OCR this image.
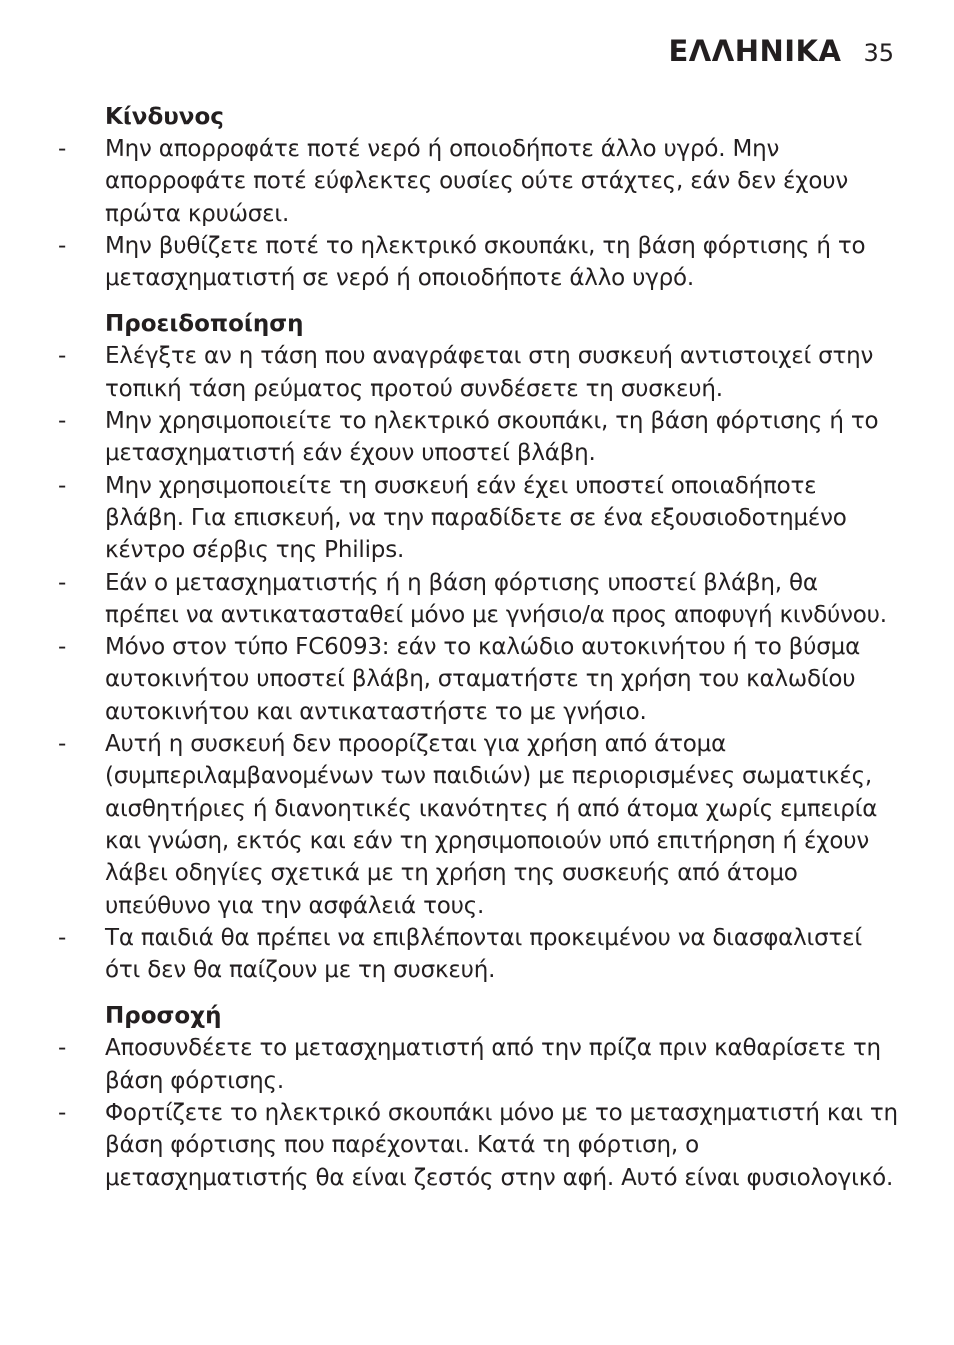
ΕΛΛΗΝΙΚΑ 35
Κίνδυνος
- Μην απορροφάτε ποτέ νερό ή οποιοδήποτε άλλο υγρό. Μην απορροφάτε ποτέ εύφλεκτες ουσίες ούτε στάχτες, εάν δεν έχουν πρώτα κρυώσει.
- Μην βυθίζετε ποτέ το ηλεκτρικό σκουπάκι, τη βάση φόρτισης ή το μετασχηματιστή σε νερό ή οποιοδήποτε άλλο υγρό.
Προειδοποίηση
- Ελέγξτε αν η τάση που αναγράφεται στη συσκευή αντιστοιχεί στην τοπική τάση ρεύματος προτού συνδέσετε τη συσκευή.
- Μην χρησιμοποιείτε το ηλεκτρικό σκουπάκι, τη βάση φόρτισης ή το μετασχηματιστή εάν έχουν υποστεί βλάβη.
- Μην χρησιμοποιείτε τη συσκευή εάν έχει υποστεί οποιαδήποτε βλάβη. Για επισκευή, να την παραδίδετε σε ένα εξουσιοδοτημένο κέντρο σέρβις της Philips.
- Εάν ο μετασχηματιστής ή η βάση φόρτισης υποστεί βλάβη, θα πρέπει να αντικατασταθεί μόνο με γνήσιο/α προς αποφυγή κινδύνου.
- Μόνο στον τύπο FC6093: εάν το καλώδιο αυτοκινήτου ή το βύσμα αυτοκινήτου υποστεί βλάβη, σταματήστε τη χρήση του καλωδίου αυτοκινήτου και αντικαταστήστε το με γνήσιο.
- Αυτή η συσκευή δεν προορίζεται για χρήση από άτομα (συμπεριλαμβανομένων των παιδιών) με περιορισμένες σωματικές, αισθητήριες ή διανοητικές ικανότητες ή από άτομα χωρίς εμπειρία και γνώση, εκτός και εάν τη χρησιμοποιούν υπό επιτήρηση ή έχουν λάβει οδηγίες σχετικά με τη χρήση της συσκευής από άτομο υπεύθυνο για την ασφάλειά τους.
- Τα παιδιά θα πρέπει να επιβλέπονται προκειμένου να διασφαλιστεί ότι δεν θα παίζουν με τη συσκευή.
Προσοχή
- Αποσυνδέετε το μετασχηματιστή από την πρίζα πριν καθαρίσετε τη βάση φόρτισης.
- Φορτίζετε το ηλεκτρικό σκουπάκι μόνο με το μετασχηματιστή και τη βάση φόρτισης που παρέχονται. Κατά τη φόρτιση, ο μετασχηματιστής θα είναι ζεστός στην αφή. Αυτό είναι φυσιολογικό.
